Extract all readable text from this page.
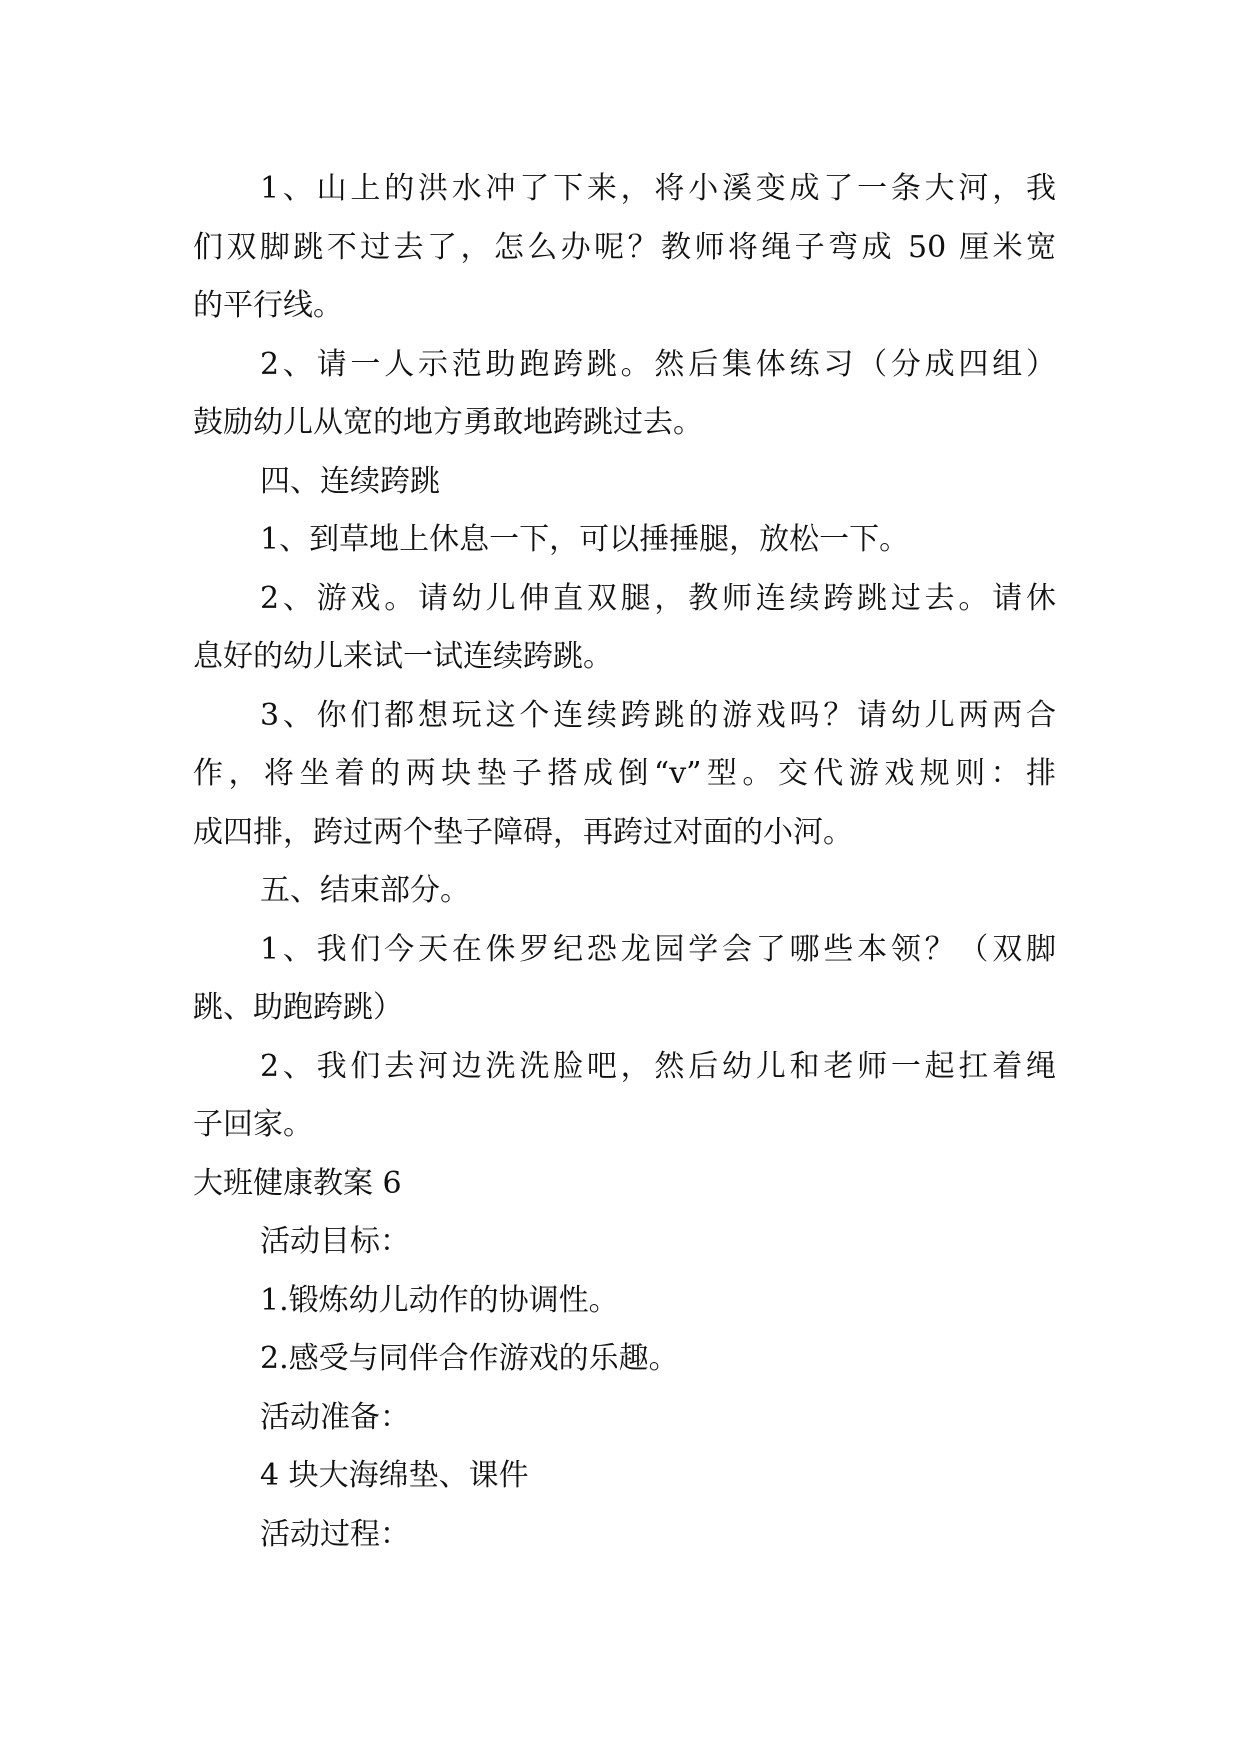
1、山上的洪水冲了下来，将小溪变成了一条大河，我
们双脚跳不过去了，怎么办呢？教师将绳子弯成 50 厘米宽
的平行线。
2、请一人示范助跑跨跳。然后集体练习（分成四组）
鼓励幼儿从宽的地方勇敢地跨跳过去。
四、连续跨跳
1、到草地上休息一下，可以捶捶腿，放松一下。
2、游戏。请幼儿伸直双腿，教师连续跨跳过去。请休
息好的幼儿来试一试连续跨跳。
3、你们都想玩这个连续跨跳的游戏吗？请幼儿两两合
作，将坐着的两块垫子搭成倒“v”型。交代游戏规则：排
成四排，跨过两个垫子障碍，再跨过对面的小河。
五、结束部分。
1、我们今天在侏罗纪恐龙园学会了哪些本领？（双脚
跳、助跑跨跳）
2、我们去河边洗洗脸吧，然后幼儿和老师一起扛着绳
子回家。
大班健康教案 6
活动目标：
1.锻炼幼儿动作的协调性。
2.感受与同伴合作游戏的乐趣。
活动准备：
4 块大海绵垫、课件
活动过程：
